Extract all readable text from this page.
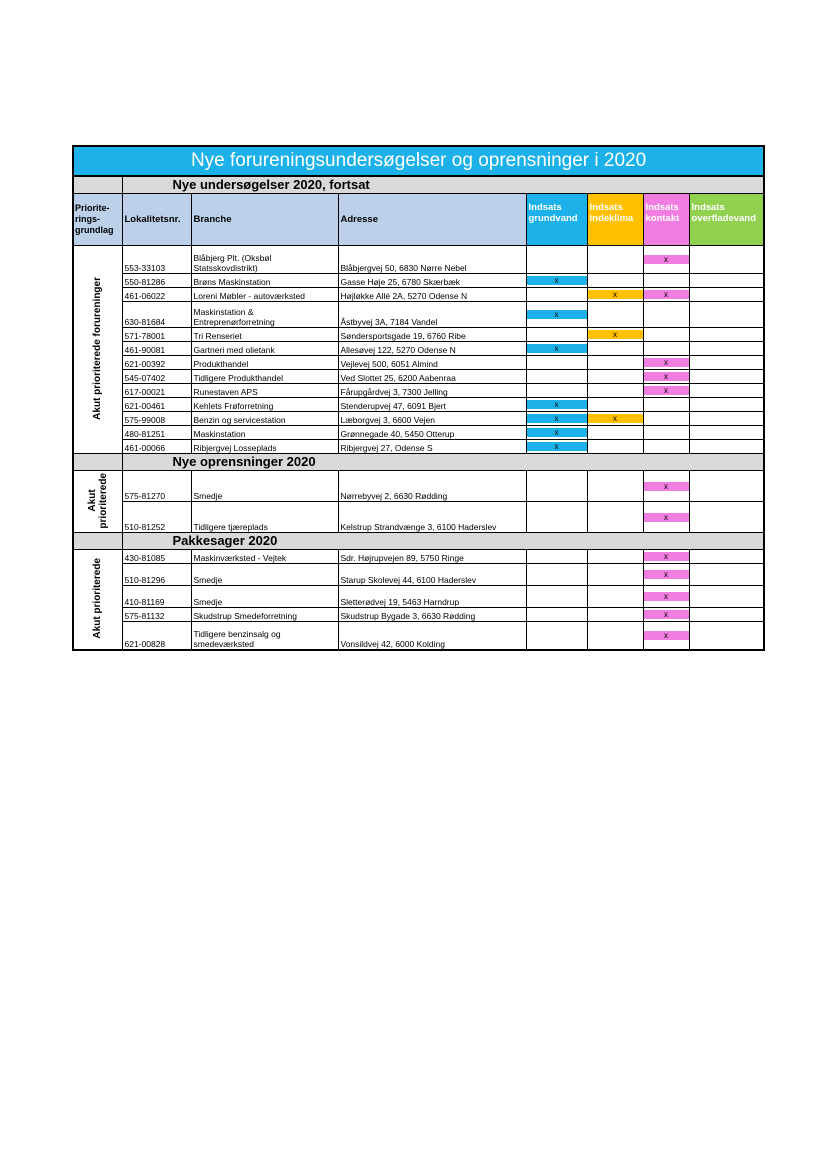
Nye forureningsundersøgelser og oprensninger i 2020							
	Nye undersøgelser 2020, fortsat						
Priorite-
rings-
grundlag	Lokalitetsnr.	Branche	Adresse	Indsats grundvand	Indsats indeklima	Indsats kontakt	Indsats overfladevand
Akut prioriterede forureninger	553-33103	Blåbjerg Plt. (Oksbøl Statsskovdistrikt)	Blåbjergvej 50, 6830 Nørre Nebel			x	

	550-81286	Brøns Maskinstation	Gasse Høje 25, 6780 Skærbæk	x			

	461-06022	Loreni Møbler - autoværksted	Højløkke Allé 2A, 5270 Odense N		x	x	

	630-81684	Maskinstation & Entreprenørforretning	Åstbyvej 3A, 7184 Vandel	x			

	571-78001	Tri Renseriet	Søndersportsgade 19, 6760 Ribe		x		

	461-90081	Gartneri med olietank	Allesøvej 122, 5270 Odense N	x			

	621-00392	Produkthandel	Vejlevej 500, 6051 Almind			x	

	545-07402	Tidligere Produkthandel	Ved Slottet 25, 6200 Aabenraa			x	

	617-00021	Runestaven APS	Fårupgårdvej 3, 7300 Jelling			x	

	621-00461	Kehlets Frøforretning	Stenderupvej 47, 6091 Bjert	x			

	575-99008	Benzin og servicestation	Læborgvej 3, 6600 Vejen	x	x		

	480-81251	Maskinstation	Grønnegade 40, 5450 Otterup	x			

	461-00066	Ribjergvej Losseplads	Ribjergvej 27, Odense S	x			

	Nye oprensninger 2020						
Akut
prioriterede	575-81270	Smedje	Nørrebyvej 2, 6630 Rødding			x	

	510-81252	Tidligere tjæreplads	Kelstrup Strandvænge 3, 6100 Haderslev			x	

	Pakkesager 2020						
Akut prioriterede	430-81085	Maskinværksted - Vejtek	Sdr. Højrupvejen 89, 5750 Ringe			x	

	510-81296	Smedje	Starup Skolevej 44, 6100 Haderslev			x	

	410-81169	Smedje	Sletterødvej 19, 5463 Harndrup			x	

	575-81132	Skudstrup Smedeforretning	Skudstrup Bygade 3, 6630 Rødding			x	

	621-00828	Tidligere benzinsalg og smedeværksted	Vonsildvej 42, 6000 Kolding			x	
